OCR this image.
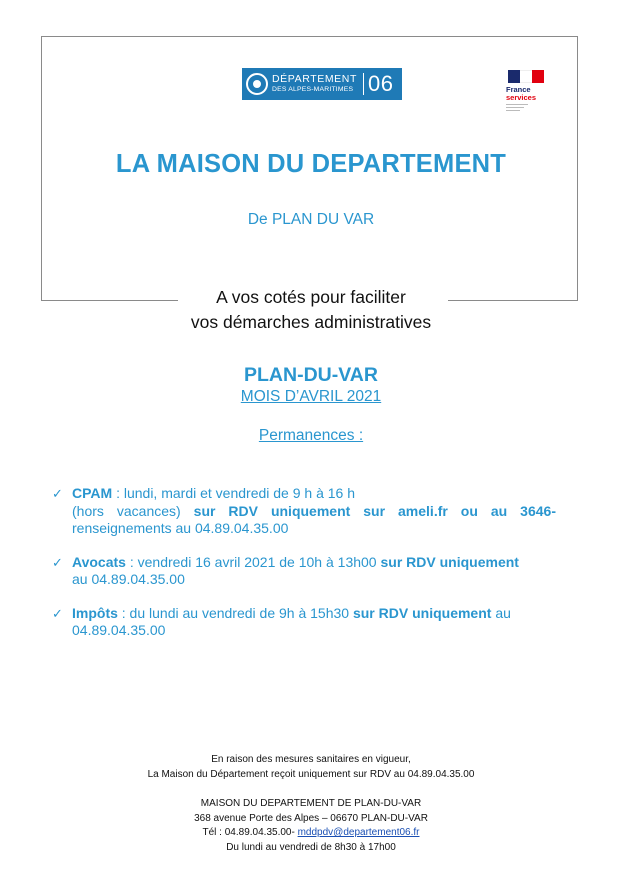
DÉPARTEMENT
DES ALPES-MARITIMES 06	France
services
LA MAISON DU DEPARTEMENT
De PLAN DU VAR
A vos cotés pour faciliter
vos démarches administratives
PLAN-DU-VAR
MOIS D’AVRIL 2021
Permanences :
✓ CPAM : lundi, mardi et vendredi de 9 h à 16 h
(hors vacances) sur RDV uniquement sur ameli.fr ou au 3646-
renseignements au 04.89.04.35.00
✓ Avocats : vendredi 16 avril 2021 de 10h à 13h00 sur RDV uniquement
au 04.89.04.35.00
✓ Impôts : du lundi au vendredi de 9h à 15h30 sur RDV uniquement au
04.89.04.35.00
En raison des mesures sanitaires en vigueur,
La Maison du Département reçoit uniquement sur RDV au 04.89.04.35.00
MAISON DU DEPARTEMENT DE PLAN-DU-VAR
368 avenue Porte des Alpes – 06670 PLAN-DU-VAR
Tél : 04.89.04.35.00- mddpdv@departement06.fr
Du lundi au vendredi de 8h30 à 17h00
